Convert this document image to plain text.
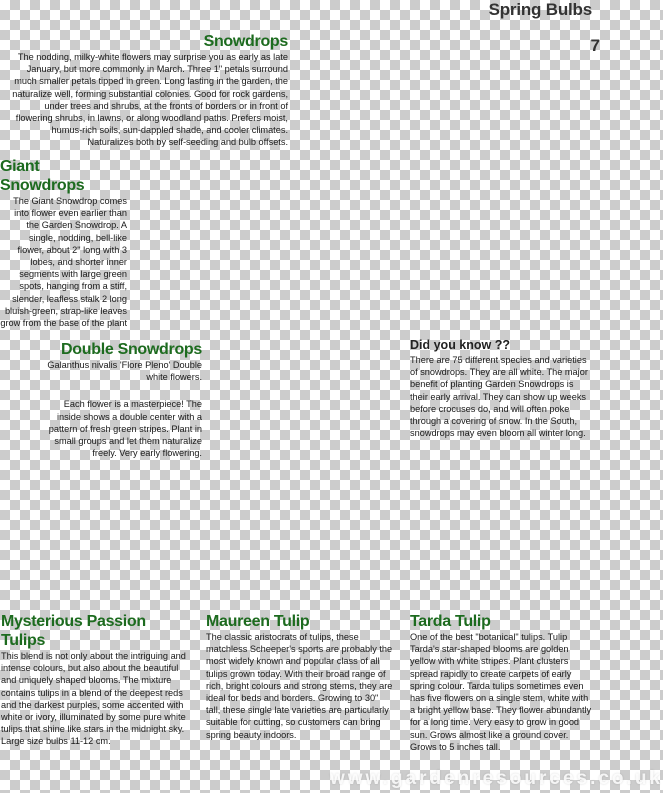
Spring Bulbs
7
Snowdrops

The nodding, milky-white flowers may surprise you as early as late January, but more commonly in March. Three 1" petals surround much smaller petals tipped in green. Long lasting in the garden, the naturalize well, forming substantial colonies. Good for rock gardens, under trees and shrubs, at the fronts of borders or in front of flowering shrubs, in lawns, or along woodland paths. Prefers moist, humus-rich soils, sun-dappled shade, and cooler climates. Naturalizes both by self-seeding and bulb offsets.

Giant Snowdrops

The Giant Snowdrop comes into flower even earlier than the Garden Snowdrop. A single, nodding, bell-like flower, about 2" long with 3 lobes, and shorter inner segments with large green spots, hanging from a stiff, slender, leafless stalk 2 long bluish-green, strap-like leaves grow from the base of the plant

Double Snowdrops

Galanthus nivalis 'Flore Pleno' Double white flowers.

Each flower is a masterpiece! The inside shows a double center with a pattern of fresh green stripes. Plant in small groups and let them naturalize freely. Very early flowering.

Did you know ??

There are 75 different species and varieties of snowdrops. They are all white. The major benefit of planting Garden Snowdrops is their early arrival. They can show up weeks before crocuses do, and will often poke through a covering of snow. In the South, snowdrops may even bloom all winter long.

Mysterious Passion Tulips

This blend is not only about the intriguing and intense colours, but also about the beautiful and uniquely shaped blooms. The mixture contains tulips in a blend of the deepest reds and the darkest purples, some accented with white or ivory, illuminated by some pure white tulips that shine like stars in the midnight sky. Large size bulbs 11-12 cm.

Maureen Tulip

The classic aristocrats of tulips, these matchless Scheeper's sports are probably the most widely known and popular class of all tulips grown today. With their broad range of rich, bright colours and strong stems, they are ideal for beds and borders. Growing to 30" tall, these single late varieties are particularly suitable for cutting, so customers can bring spring beauty indoors.

Tarda Tulip

One of the best "botanical" tulips. Tulip Tarda's star-shaped blooms are golden yellow with white stripes. Plant clusters spread rapidly to create carpets of early spring colour. Tarda tulips sometimes even has five flowers on a single stem, white with a bright yellow base. They flower abundantly for a long time. Very easy to grow in good sun. Grows almost like a ground cover. Grows to 5 inches tall.

www.gardenresources.co.uk
